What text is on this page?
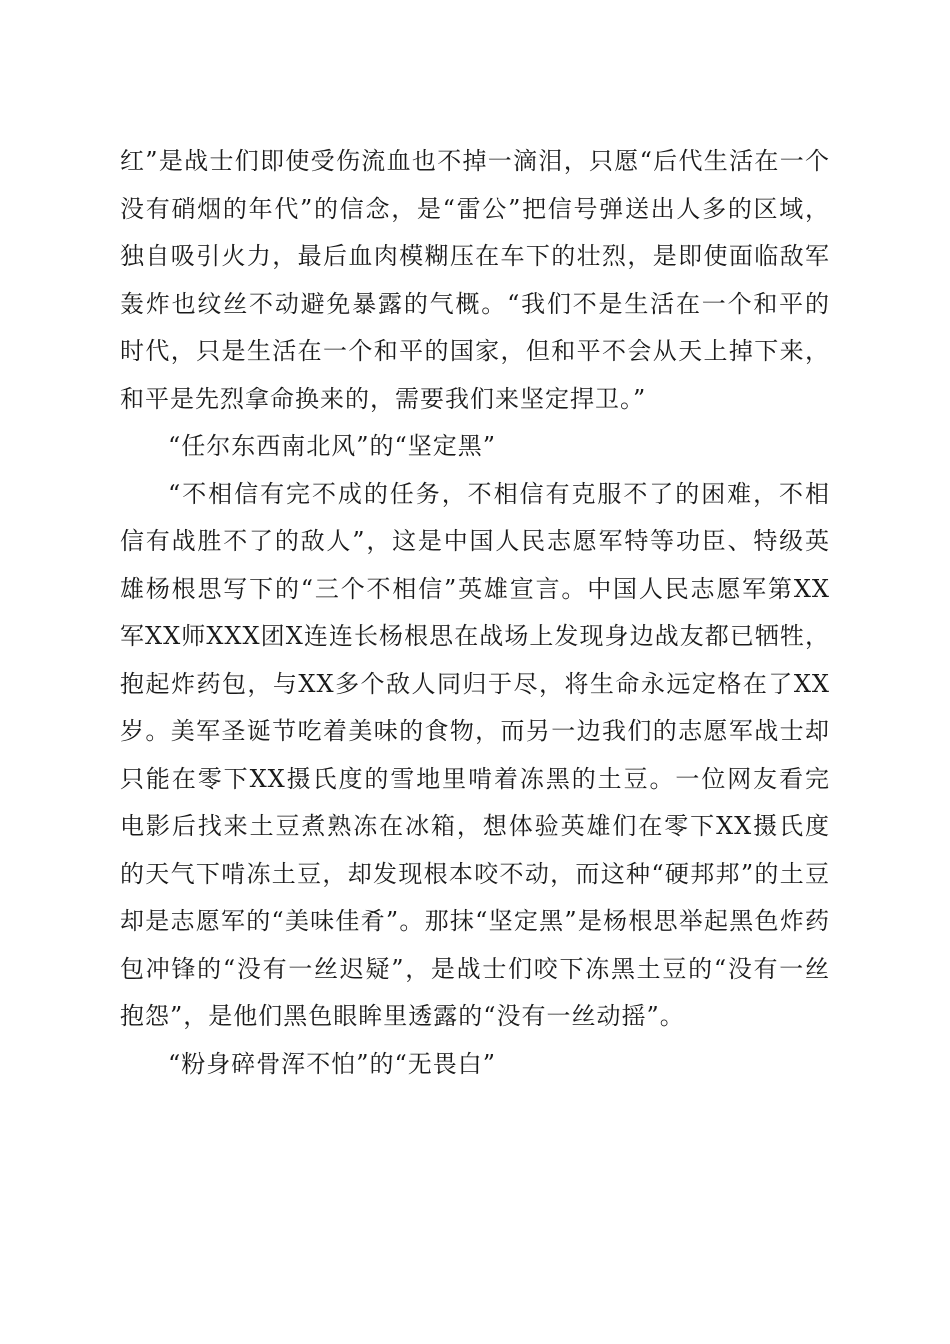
红”是战士们即使受伤流血也不掉一滴泪，只愿“后代生活在一个没有硝烟的年代”的信念，是“雷公”把信号弹送出人多的区域，独自吸引火力，最后血肉模糊压在车下的壮烈，是即使面临敌军轰炸也纹丝不动避免暴露的气概。“我们不是生活在一个和平的时代，只是生活在一个和平的国家，但和平不会从天上掉下来，和平是先烈拿命换来的，需要我们来坚定捍卫。”

“任尔东西南北风”的“坚定黑”

“不相信有完不成的任务，不相信有克服不了的困难，不相信有战胜不了的敌人”，这是中国人民志愿军特等功臣、特级英雄杨根思写下的“三个不相信”英雄宣言。中国人民志愿军第XX军XX师XXX团X连连长杨根思在战场上发现身边战友都已牺牲，抱起炸药包，与XX多个敌人同归于尽，将生命永远定格在了XX岁。美军圣诞节吃着美味的食物，而另一边我们的志愿军战士却只能在零下XX摄氏度的雪地里啃着冻黑的土豆。一位网友看完电影后找来土豆煮熟冻在冰箱，想体验英雄们在零下XX摄氏度的天气下啃冻土豆，却发现根本咬不动，而这种“硬邦邦”的土豆却是志愿军的“美味佳肴”。那抹“坚定黑”是杨根思举起黑色炸药包冲锋的“没有一丝迟疑”，是战士们咬下冻黑土豆的“没有一丝抱怨”，是他们黑色眼眸里透露的“没有一丝动摇”。

“粉身碎骨浑不怕”的“无畏白”
